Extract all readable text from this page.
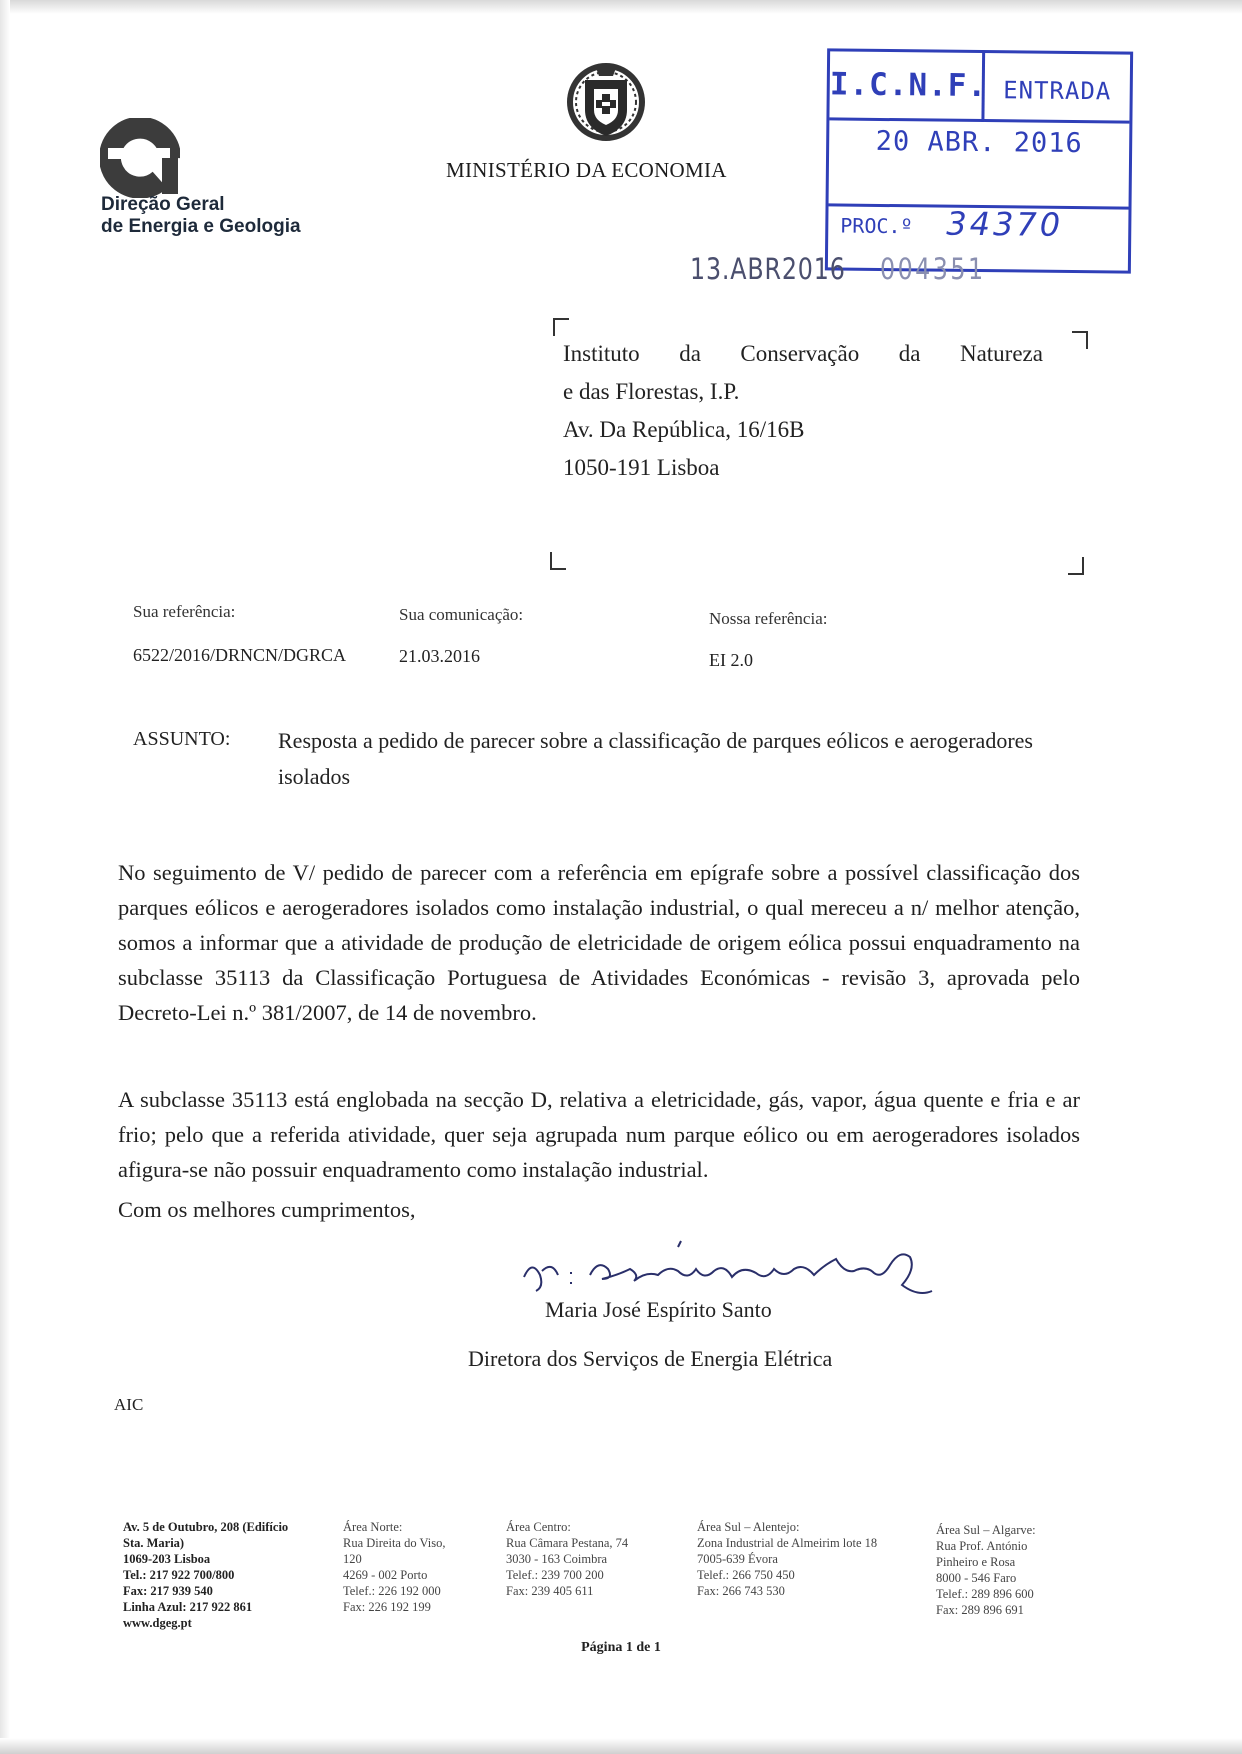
Direção Geral
de Energia e Geologia
MINISTÉRIO DA ECONOMIA
I.C.N.F. ENTRADA
20 ABR. 2016
PROC.º 34370
13.ABR2016 004351
Instituto da Conservação da Natureza
e das Florestas, I.P.
Av. Da República, 16/16B
1050-191 Lisboa
Sua referência:
6522/2016/DRNCN/DGRCA
Sua comunicação:
21.03.2016
Nossa referência:
EI 2.0
ASSUNTO: Resposta a pedido de parecer sobre a classificação de parques eólicos e aerogeradores isolados
No seguimento de V/ pedido de parecer com a referência em epígrafe sobre a possível classificação dos parques eólicos e aerogeradores isolados como instalação industrial, o qual mereceu a n/ melhor atenção, somos a informar que a atividade de produção de eletricidade de origem eólica possui enquadramento na subclasse 35113 da Classificação Portuguesa de Atividades Económicas - revisão 3, aprovada pelo Decreto-Lei n.º 381/2007, de 14 de novembro.
A subclasse 35113 está englobada na secção D, relativa a eletricidade, gás, vapor, água quente e fria e ar frio; pelo que a referida atividade, quer seja agrupada num parque eólico ou em aerogeradores isolados afigura-se não possuir enquadramento como instalação industrial.
Com os melhores cumprimentos,
Maria José Espírito Santo
Diretora dos Serviços de Energia Elétrica
AIC
Av. 5 de Outubro, 208 (Edifício
Sta. Maria)
1069-203 Lisboa
Tel.: 217 922 700/800
Fax: 217 939 540
Linha Azul: 217 922 861
www.dgeg.pt
Área Norte:
Rua Direita do Viso,
120
4269 - 002 Porto
Telef.: 226 192 000
Fax: 226 192 199
Área Centro:
Rua Câmara Pestana, 74
3030 - 163 Coimbra
Telef.: 239 700 200
Fax: 239 405 611
Área Sul – Alentejo:
Zona Industrial de Almeirim lote 18
7005-639 Évora
Telef.: 266 750 450
Fax: 266 743 530
Área Sul – Algarve:
Rua Prof. António
Pinheiro e Rosa
8000 - 546 Faro
Telef.: 289 896 600
Fax: 289 896 691
Página 1 de 1
